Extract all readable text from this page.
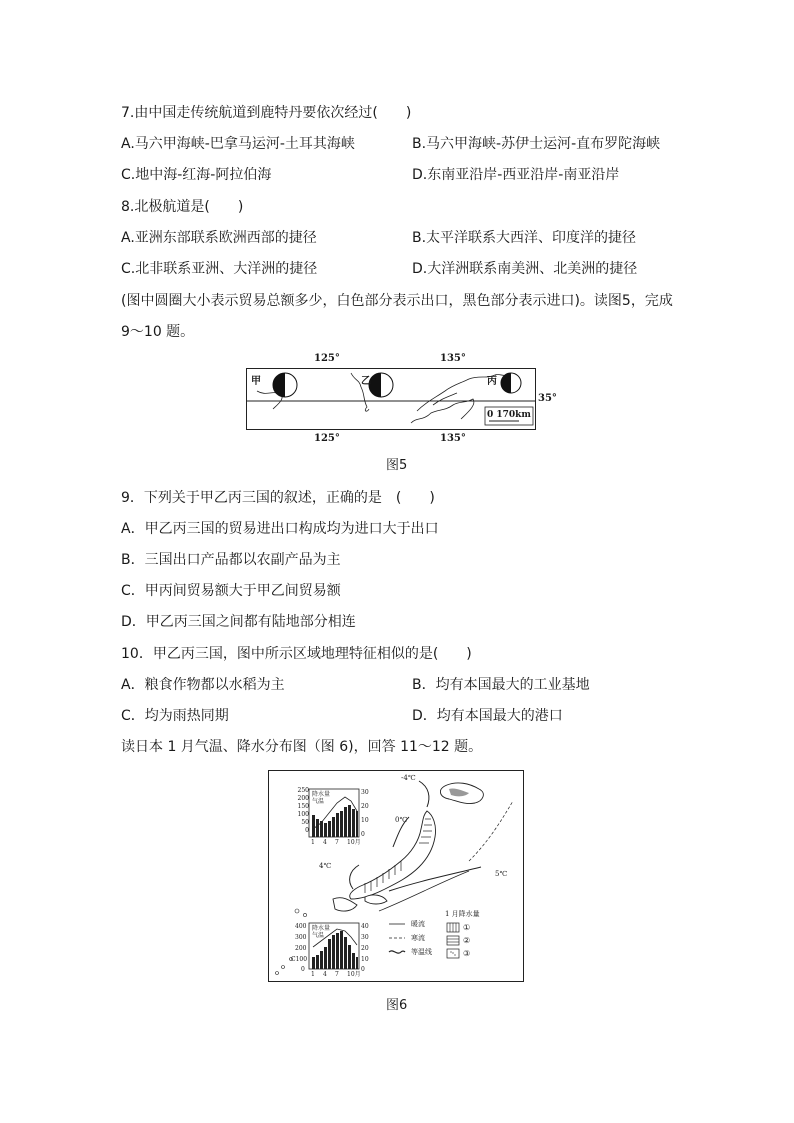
7.由中国走传统航道到鹿特丹要依次经过(　　)
A.马六甲海峡-巴拿马运河-土耳其海峡	B.马六甲海峡-苏伊士运河-直布罗陀海峡
C.地中海-红海-阿拉伯海	D.东南亚沿岸-西亚沿岸-南亚沿岸
8.北极航道是(　　)
A.亚洲东部联系欧洲西部的捷径	B.太平洋联系大西洋、印度洋的捷径
C.北非联系亚洲、大洋洲的捷径	D.大洋洲联系南美洲、北美洲的捷径
(图中圆圈大小表示贸易总额多少，白色部分表示出口，黑色部分表示进口)。读图5，完成
9～10 题。
125°	135°
甲	乙	丙
0 170km
35°
125°	135°
图5
9．下列关于甲乙丙三国的叙述，正确的是　(　　)
A．甲乙丙三国的贸易进出口构成均为进口大于出口
B．三国出口产品都以农副产品为主
C．甲丙间贸易额大于甲乙间贸易额
D．甲乙丙三国之间都有陆地部分相连
10．甲乙丙三国，图中所示区域地理特征相似的是(　　)
A．粮食作物都以水稻为主	B．均有本国最大的工业基地
C．均为雨热同期	D．均有本国最大的港口
读日本 1 月气温、降水分布图（图 6)，回答 11～12 题。
降水量
气温
250
200
150
100
50
0
30
20
10
0
1 4 7 10月
-4℃
0℃
4℃
5℃
降水量
气温
400
300
200
C100
0
40
30
20
10
0
1 4 7 10月
暖流
寒流
等温线
1 月降水量
①
②
③
图6
